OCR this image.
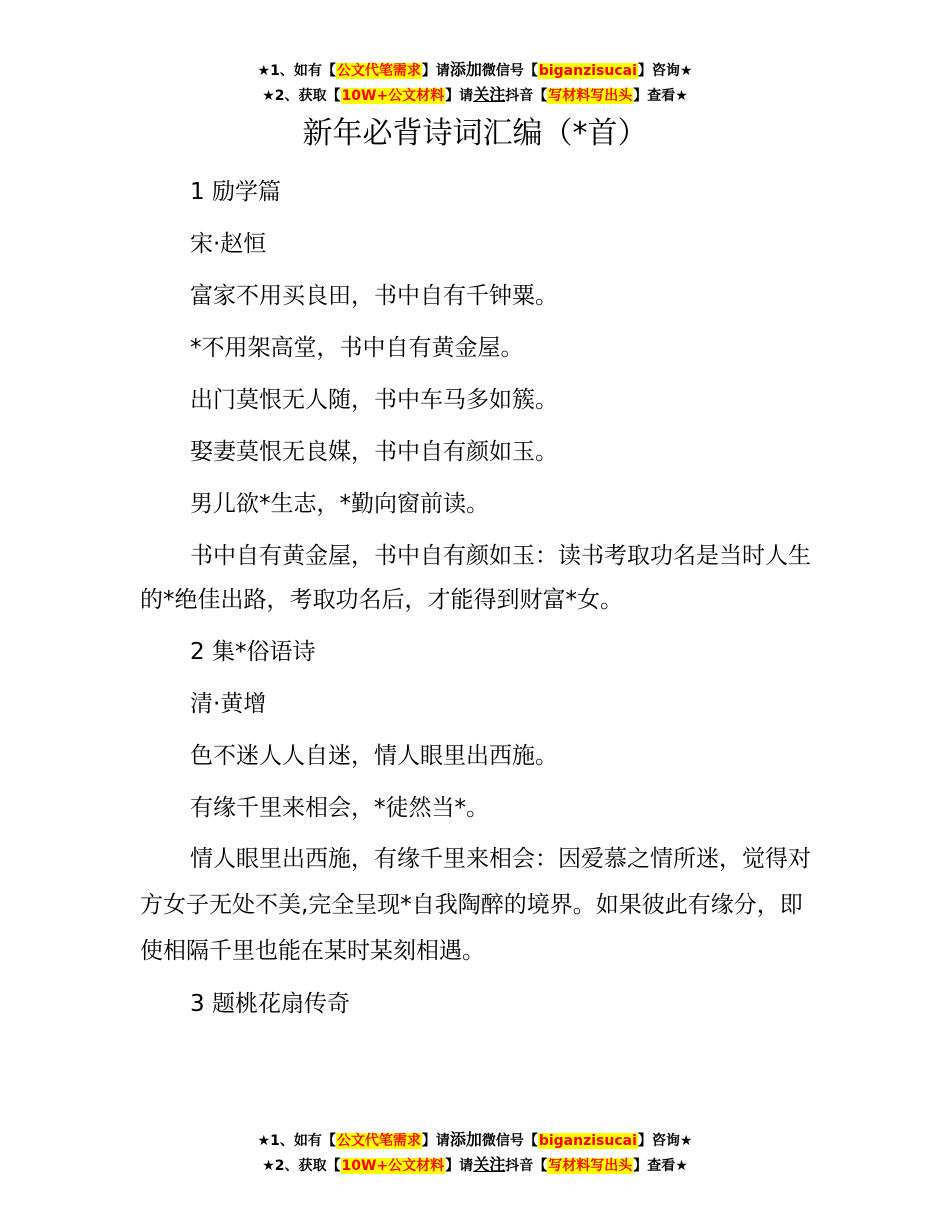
★1、如有【公文代笔需求】请添加微信号【biganzisucai】咨询★
★2、获取【10W+公文材料】请关注抖音【写材料写出头】查看★
新年必背诗词汇编（*首）

1 励学篇

宋·赵恒

富家不用买良田，书中自有千钟粟。

*不用架高堂，书中自有黄金屋。

出门莫恨无人随，书中车马多如簇。

娶妻莫恨无良媒，书中自有颜如玉。

男儿欲*生志，*勤向窗前读。

书中自有黄金屋，书中自有颜如玉：读书考取功名是当时人生的*绝佳出路，考取功名后，才能得到财富*女。

2 集*俗语诗

清·黄增

色不迷人人自迷，情人眼里出西施。

有缘千里来相会，*徒然当*。

情人眼里出西施，有缘千里来相会：因爱慕之情所迷，觉得对方女子无处不美,完全呈现*自我陶醉的境界。如果彼此有缘分，即使相隔千里也能在某时某刻相遇。

3 题桃花扇传奇

★1、如有【公文代笔需求】请添加微信号【biganzisucai】咨询★
★2、获取【10W+公文材料】请关注抖音【写材料写出头】查看★
